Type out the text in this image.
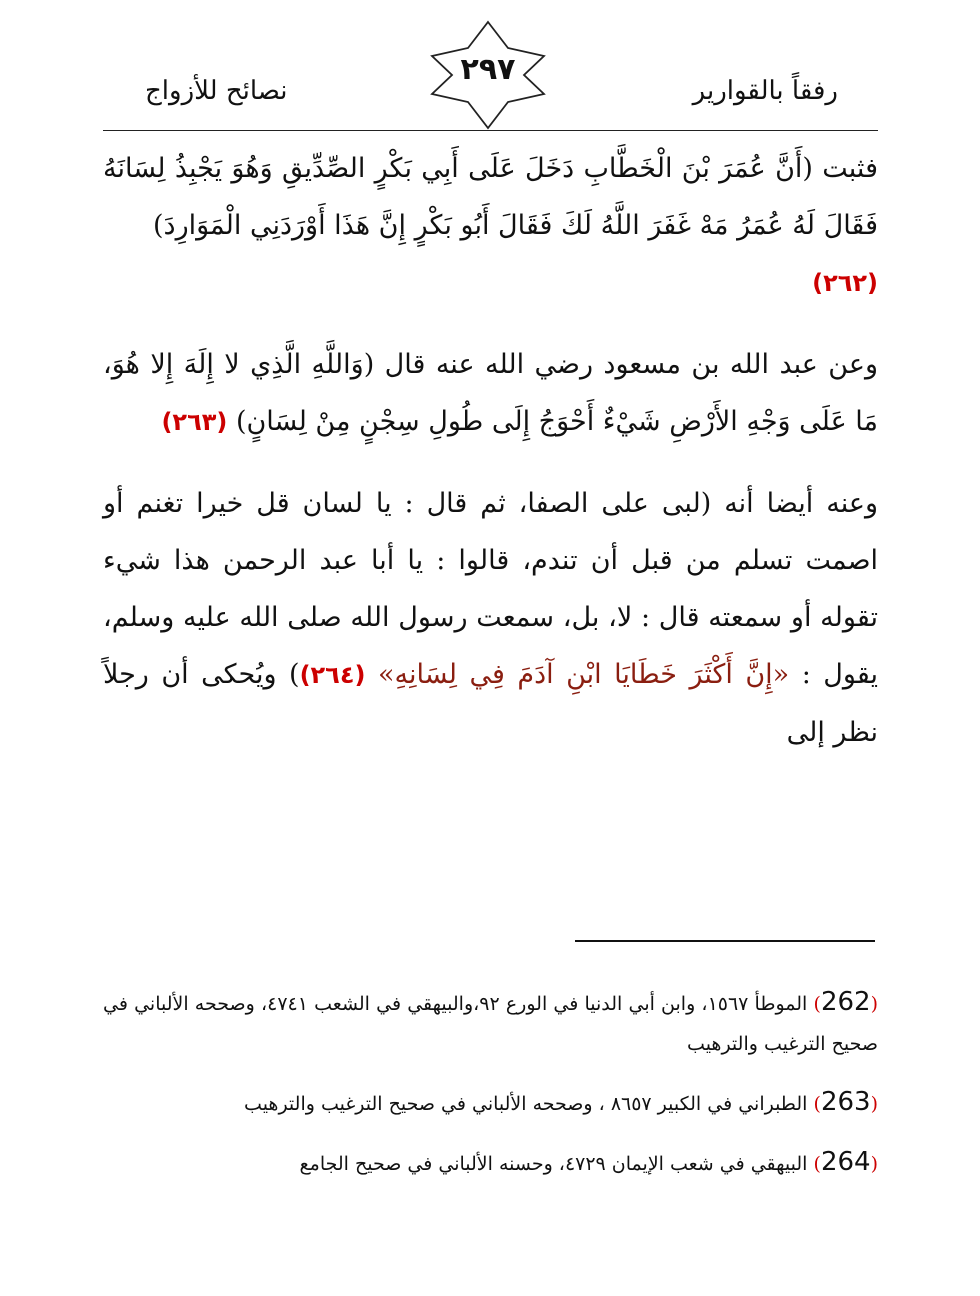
رفقاً بالقوارير
٢٩٧
نصائح للأزواج

فثبت (أَنَّ عُمَرَ بْنَ الْخَطَّابِ دَخَلَ عَلَى أَبِي بَكْرٍ الصِّدِّيقِ وَهُوَ يَجْبِذُ لِسَانَهُ فَقَالَ لَهُ عُمَرُ مَهْ غَفَرَ اللَّهُ لَكَ فَقَالَ أَبُو بَكْرٍ إِنَّ هَذَا أَوْرَدَنِي الْمَوَارِدَ)

(٢٦٢)

وعن عبد الله بن مسعود رضي الله عنه قال (وَاللَّهِ الَّذِي لا إِلَهَ إِلا هُوَ، مَا عَلَى وَجْهِ الأَرْضِ شَيْءٌ أَحْوَجُ إِلَى طُولِ سِجْنٍ مِنْ لِسَانٍ) (٢٦٣)

وعنه أيضا أنه (لبى على الصفا، ثم قال : يا لسان قل خيرا تغنم أو اصمت تسلم من قبل أن تندم، قالوا : يا أبا عبد الرحمن هذا شيء تقوله أو سمعته قال : لا، بل، سمعت رسول الله صلى الله عليه وسلم، يقول : «إِنَّ أَكْثَرَ خَطَايَا ابْنِ آدَمَ فِي لِسَانِهِ» (٢٦٤)) ويُحكى أن رجلاً نظر إلى

(262) الموطأ ١٥٦٧، وابن أبي الدنيا في الورع ٩٢،والبيهقي في الشعب ٤٧٤١، وصححه الألباني في صحيح الترغيب والترهيب

(263) الطبراني في الكبير ٨٦٥٧ ، وصححه الألباني في صحيح الترغيب والترهيب

(264) البيهقي في شعب الإيمان ٤٧٢٩، وحسنه الألباني في صحيح الجامع
